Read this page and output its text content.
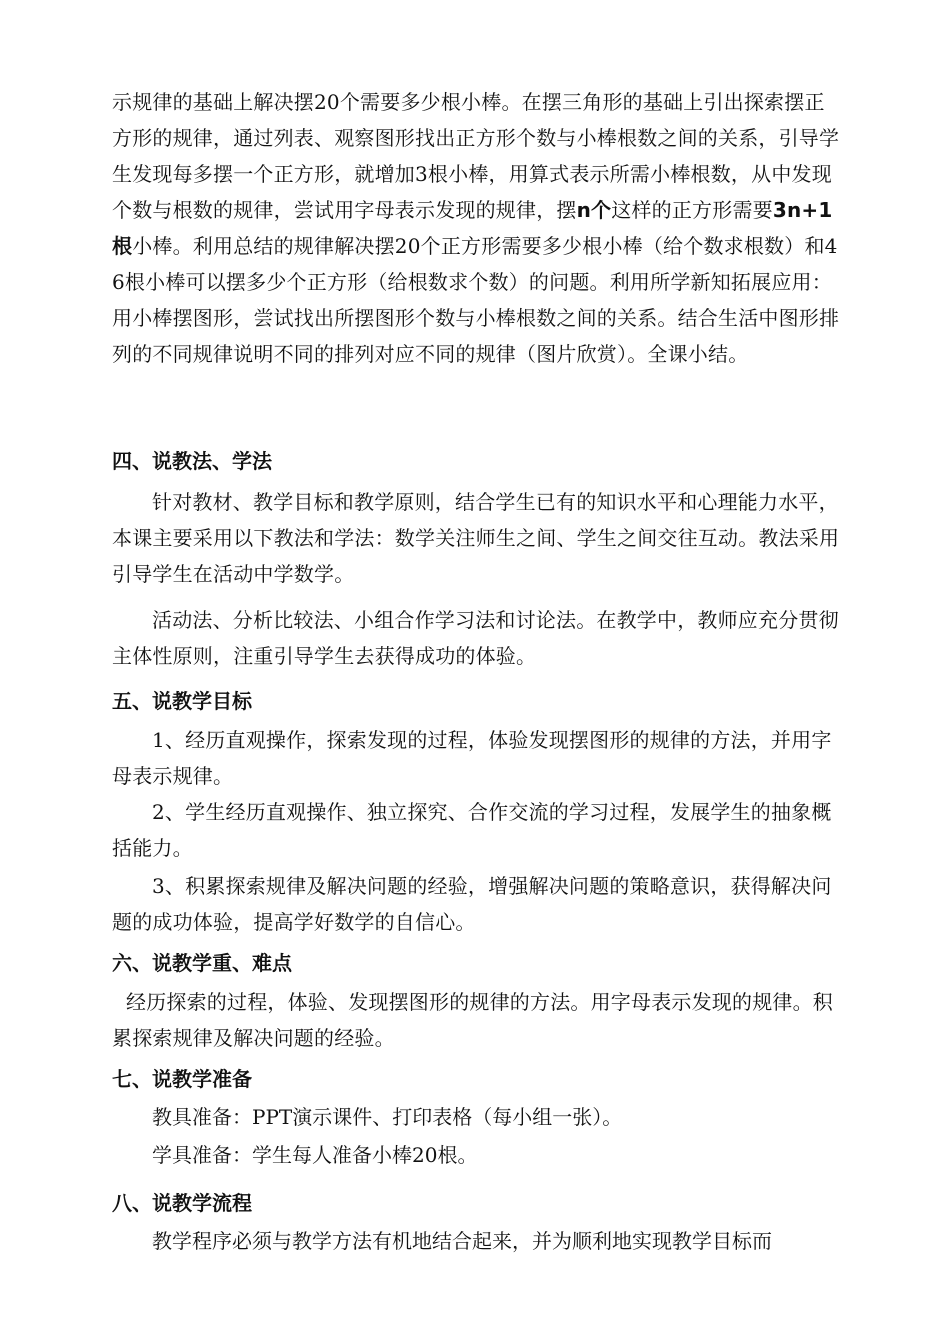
示规律的基础上解决摆20个需要多少根小棒。在摆三角形的基础上引出探索摆正方形的规律，通过列表、观察图形找出正方形个数与小棒根数之间的关系，引导学生发现每多摆一个正方形，就增加3根小棒，用算式表示所需小棒根数，从中发现个数与根数的规律，尝试用字母表示发现的规律，摆n个这样的正方形需要3n+1根小棒。利用总结的规律解决摆20个正方形需要多少根小棒（给个数求根数）和46根小棒可以摆多少个正方形（给根数求个数）的问题。利用所学新知拓展应用：用小棒摆图形，尝试找出所摆图形个数与小棒根数之间的关系。结合生活中图形排列的不同规律说明不同的排列对应不同的规律（图片欣赏）。全课小结。
四、说教法、学法
针对教材、教学目标和教学原则，结合学生已有的知识水平和心理能力水平，本课主要采用以下教法和学法：数学关注师生之间、学生之间交往互动。教法采用引导学生在活动中学数学。
活动法、分析比较法、小组合作学习法和讨论法。在教学中，教师应充分贯彻主体性原则，注重引导学生去获得成功的体验。
五、说教学目标
1、经历直观操作，探索发现的过程，体验发现摆图形的规律的方法，并用字母表示规律。
2、学生经历直观操作、独立探究、合作交流的学习过程，发展学生的抽象概括能力。
3、积累探索规律及解决问题的经验，增强解决问题的策略意识，获得解决问题的成功体验，提高学好数学的自信心。
六、说教学重、难点
经历探索的过程，体验、发现摆图形的规律的方法。用字母表示发现的规律。积累探索规律及解决问题的经验。
七、说教学准备
教具准备：PPT演示课件、打印表格（每小组一张）。
学具准备：学生每人准备小棒20根。
八、说教学流程
教学程序必须与教学方法有机地结合起来，并为顺利地实现教学目标而
